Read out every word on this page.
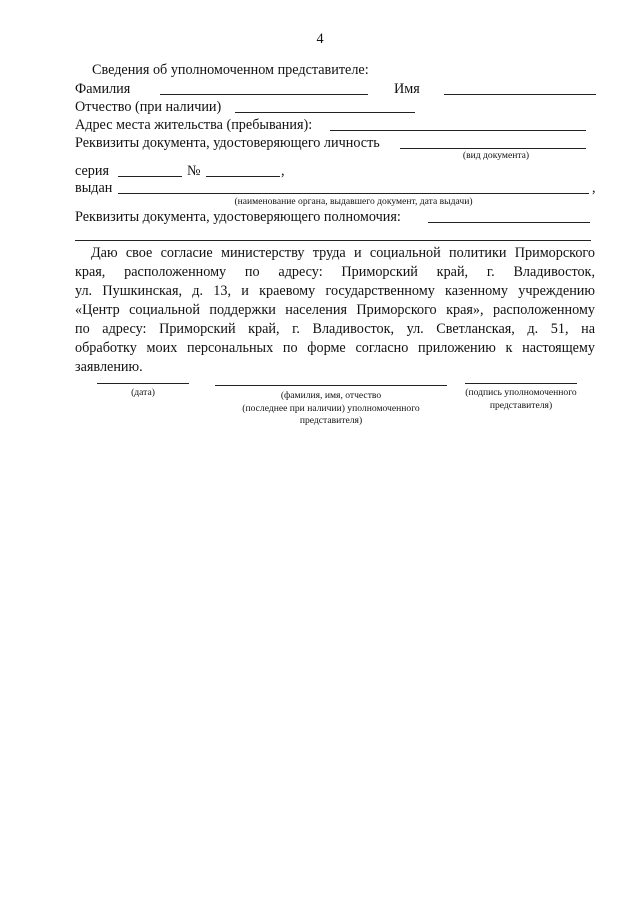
4
Сведения об уполномоченном представителе:
Фамилия	Имя
Отчество (при наличии)
Адрес места жительства (пребывания):
Реквизиты документа, удостоверяющего личность
(вид документа)
серия	№	,
выдан	,
(наименование органа, выдавшего документ, дата выдачи)
Реквизиты документа, удостоверяющего полномочия:
Даю свое согласие министерству труда и социальной политики Приморского
края, расположенному по адресу: Приморский край, г. Владивосток,
ул. Пушкинская, д. 13, и краевому государственному казенному учреждению
«Центр социальной поддержки населения Приморского края», расположенному
по адресу: Приморский край, г. Владивосток, ул. Светланская, д. 51, на
обработку моих персональных по форме согласно приложению к настоящему
заявлению.
(дата)	(фамилия, имя, отчество
(последнее при наличии) уполномоченного
представителя)
(подпись уполномоченного
представителя)
